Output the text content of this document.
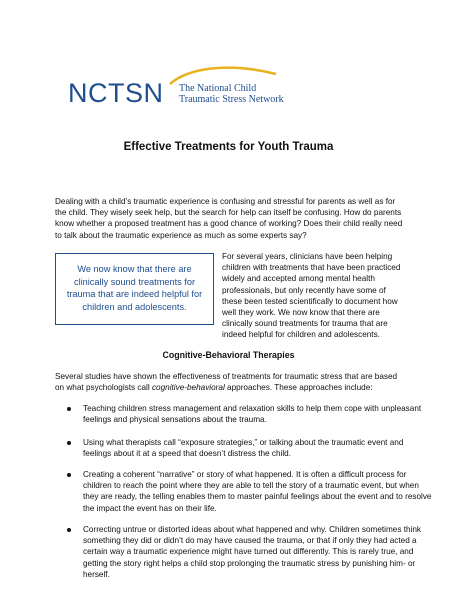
NCTSN The National Child
Traumatic Stress Network
Effective Treatments for Youth Trauma

Dealing with a child’s traumatic experience is confusing and stressful for parents as well as for the child. They wisely seek help, but the search for help can itself be confusing. How do parents know whether a proposed treatment has a good chance of working? Does their child really need to talk about the traumatic experience as much as some experts say?

We now know that there are clinically sound treatments for trauma that are indeed helpful for children and adolescents.

For several years, clinicians have been helping children with treatments that have been practiced widely and accepted among mental health professionals, but only recently have some of these been tested scientifically to document how well they work. We now know that there are clinically sound treatments for trauma that are indeed helpful for children and adolescents.

Cognitive-Behavioral Therapies

Several studies have shown the effectiveness of treatments for traumatic stress that are based on what psychologists call cognitive-behavioral approaches. These approaches include:

Teaching children stress management and relaxation skills to help them cope with unpleasant feelings and physical sensations about the trauma.
Using what therapists call “exposure strategies,” or talking about the traumatic event and feelings about it at a speed that doesn’t distress the child.
Creating a coherent “narrative” or story of what happened. It is often a difficult process for children to reach the point where they are able to tell the story of a traumatic event, but when they are ready, the telling enables them to master painful feelings about the event and to resolve the impact the event has on their life.
Correcting untrue or distorted ideas about what happened and why. Children sometimes think something they did or didn’t do may have caused the trauma, or that if only they had acted a certain way a traumatic experience might have turned out differently. This is rarely true, and getting the story right helps a child stop prolonging the traumatic stress by punishing him- or herself.
